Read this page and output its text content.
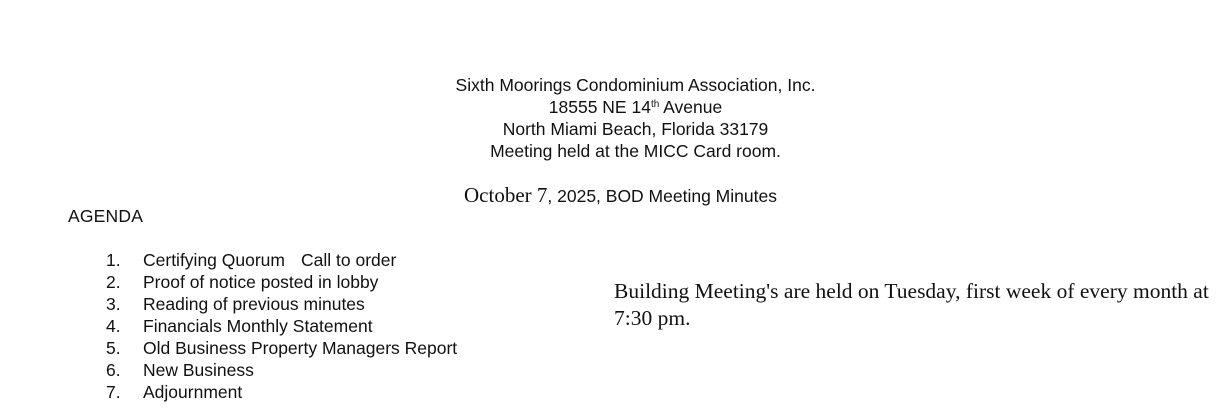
Sixth Moorings Condominium Association, Inc.
18555 NE 14th Avenue
North Miami Beach, Florida 33179
Meeting held at the MICC Card room.
October 7, 2025, BOD Meeting Minutes
AGENDA
1.	Certifying Quorum Call to order
2.	Proof of notice posted in lobby
3.	Reading of previous minutes
4.	Financials Monthly Statement
5.	Old Business Property Managers Report
6.	New Business
7.	Adjournment
Building Meeting's are held on Tuesday, first week of every month at 7:30 pm.
